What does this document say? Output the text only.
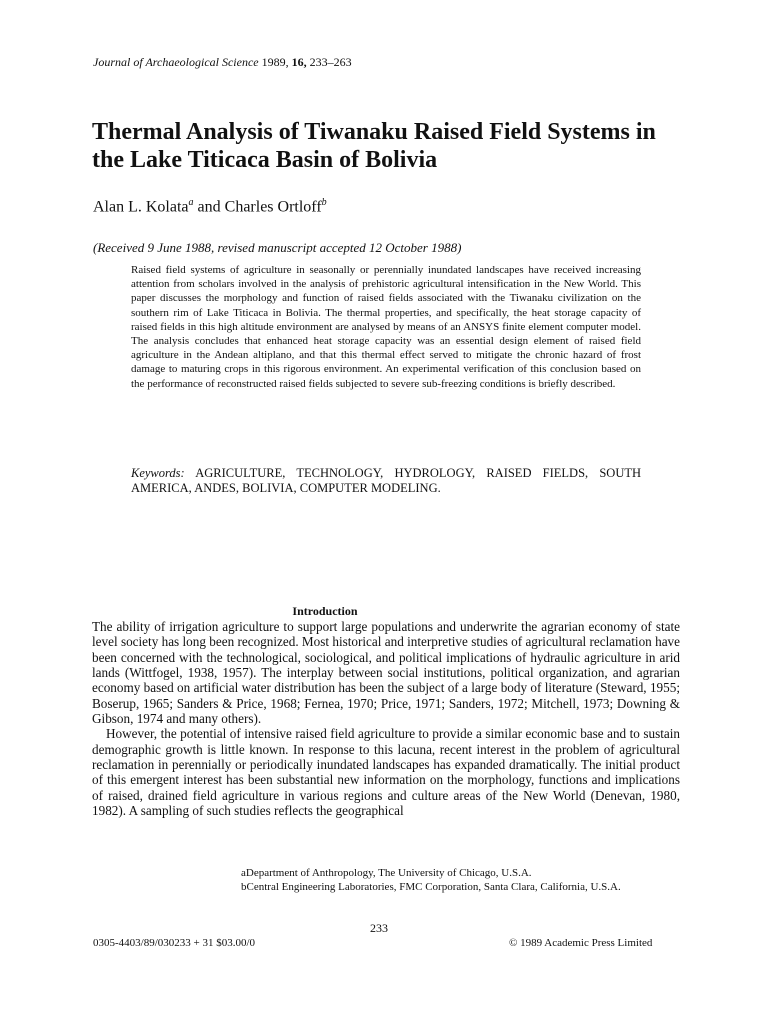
Journal of Archaeological Science 1989, 16, 233–263
Thermal Analysis of Tiwanaku Raised Field Systems in the Lake Titicaca Basin of Bolivia
Alan L. Kolata$^a$ and Charles Ortloff$^b$
(Received 9 June 1988, revised manuscript accepted 12 October 1988)

Raised field systems of agriculture in seasonally or perennially inundated landscapes have received increasing attention from scholars involved in the analysis of prehistoric agricultural intensification in the New World. This paper discusses the morphology and function of raised fields associated with the Tiwanaku civilization on the southern rim of Lake Titicaca in Bolivia. The thermal properties, and specifically, the heat storage capacity of raised fields in this high altitude environment are analysed by means of an ANSYS finite element computer model. The analysis concludes that enhanced heat storage capacity was an essential design element of raised field agriculture in the Andean altiplano, and that this thermal effect served to mitigate the chronic hazard of frost damage to maturing crops in this rigorous environment. An experimental verification of this conclusion based on the performance of reconstructed raised fields subjected to severe sub-freezing conditions is briefly described.

Keywords: AGRICULTURE, TECHNOLOGY, HYDROLOGY, RAISED FIELDS, SOUTH AMERICA, ANDES, BOLIVIA, COMPUTER MODELING.

Introduction

The ability of irrigation agriculture to support large populations and underwrite the agrarian economy of state level society has long been recognized. Most historical and interpretive studies of agricultural reclamation have been concerned with the technological, sociological, and political implications of hydraulic agriculture in arid lands (Wittfogel, 1938, 1957). The interplay between social institutions, political organization, and agrarian economy based on artificial water distribution has been the subject of a large body of literature (Steward, 1955; Boserup, 1965; Sanders & Price, 1968; Fernea, 1970; Price, 1971; Sanders, 1972; Mitchell, 1973; Downing & Gibson, 1974 and many others).

However, the potential of intensive raised field agriculture to provide a similar economic base and to sustain demographic growth is little known. In response to this lacuna, recent interest in the problem of agricultural reclamation in perennially or periodically inundated landscapes has expanded dramatically. The initial product of this emergent interest has been substantial new information on the morphology, functions and implications of raised, drained field agriculture in various regions and culture areas of the New World (Denevan, 1980, 1982). A sampling of such studies reflects the geographical

aDepartment of Anthropology, The University of Chicago, U.S.A.

bCentral Engineering Laboratories, FMC Corporation, Santa Clara, California, U.S.A.

233
0305-4403/89/030233 + 31 $03.00/0	© 1989 Academic Press Limited
